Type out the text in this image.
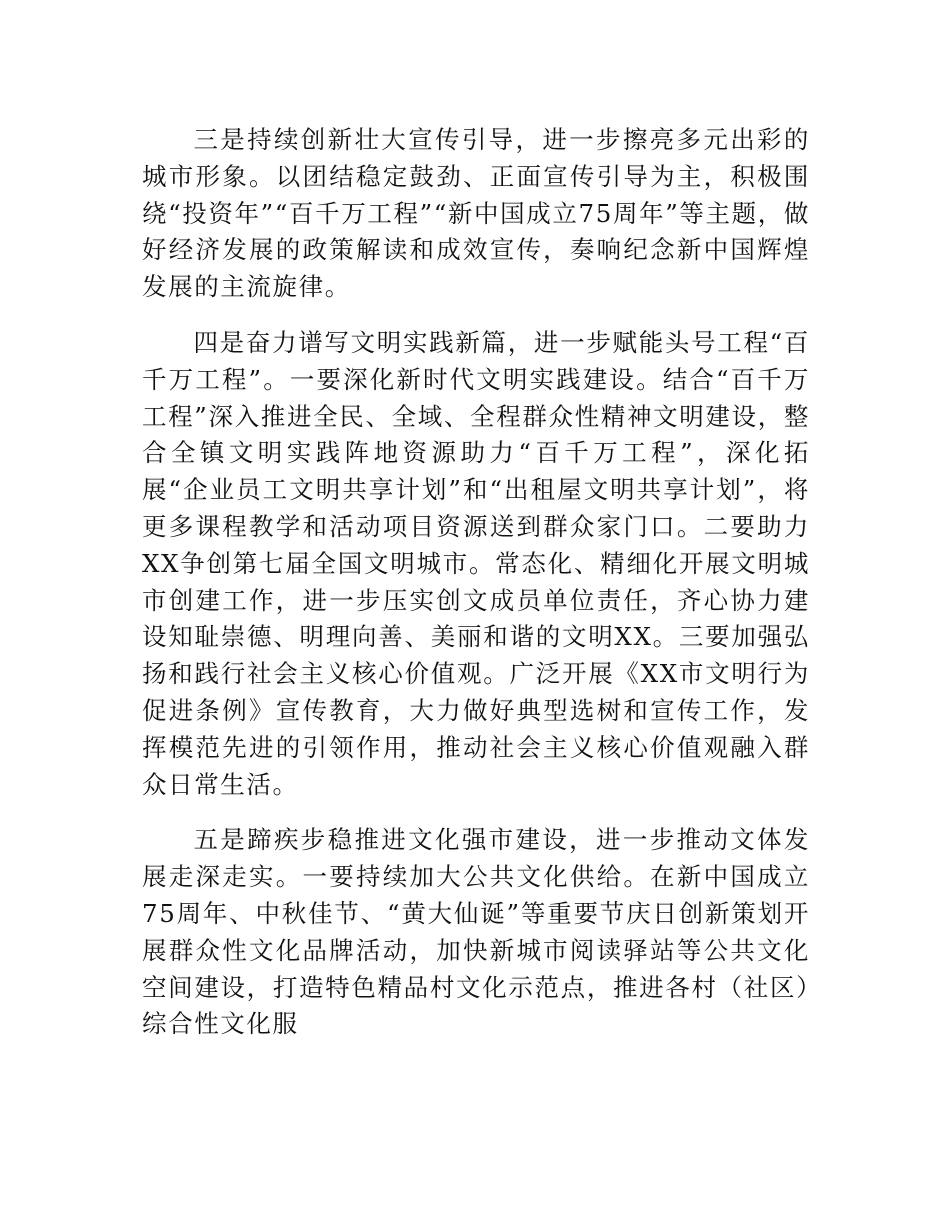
三是持续创新壮大宣传引导，进一步擦亮多元出彩的城市形象。以团结稳定鼓劲、正面宣传引导为主，积极围绕“投资年”“百千万工程”“新中国成立75周年”等主题，做好经济发展的政策解读和成效宣传，奏响纪念新中国辉煌发展的主流旋律。

四是奋力谱写文明实践新篇，进一步赋能头号工程“百千万工程”。一要深化新时代文明实践建设。结合“百千万工程”深入推进全民、全域、全程群众性精神文明建设，整合全镇文明实践阵地资源助力“百千万工程”，深化拓展“企业员工文明共享计划”和“出租屋文明共享计划”，将更多课程教学和活动项目资源送到群众家门口。二要助力XX争创第七届全国文明城市。常态化、精细化开展文明城市创建工作，进一步压实创文成员单位责任，齐心协力建设知耻崇德、明理向善、美丽和谐的文明XX。三要加强弘扬和践行社会主义核心价值观。广泛开展《XX市文明行为促进条例》宣传教育，大力做好典型选树和宣传工作，发挥模范先进的引领作用，推动社会主义核心价值观融入群众日常生活。

五是蹄疾步稳推进文化强市建设，进一步推动文体发展走深走实。一要持续加大公共文化供给。在新中国成立75周年、中秋佳节、“黄大仙诞”等重要节庆日创新策划开展群众性文化品牌活动，加快新城市阅读驿站等公共文化空间建设，打造特色精品村文化示范点，推进各村（社区）综合性文化服
